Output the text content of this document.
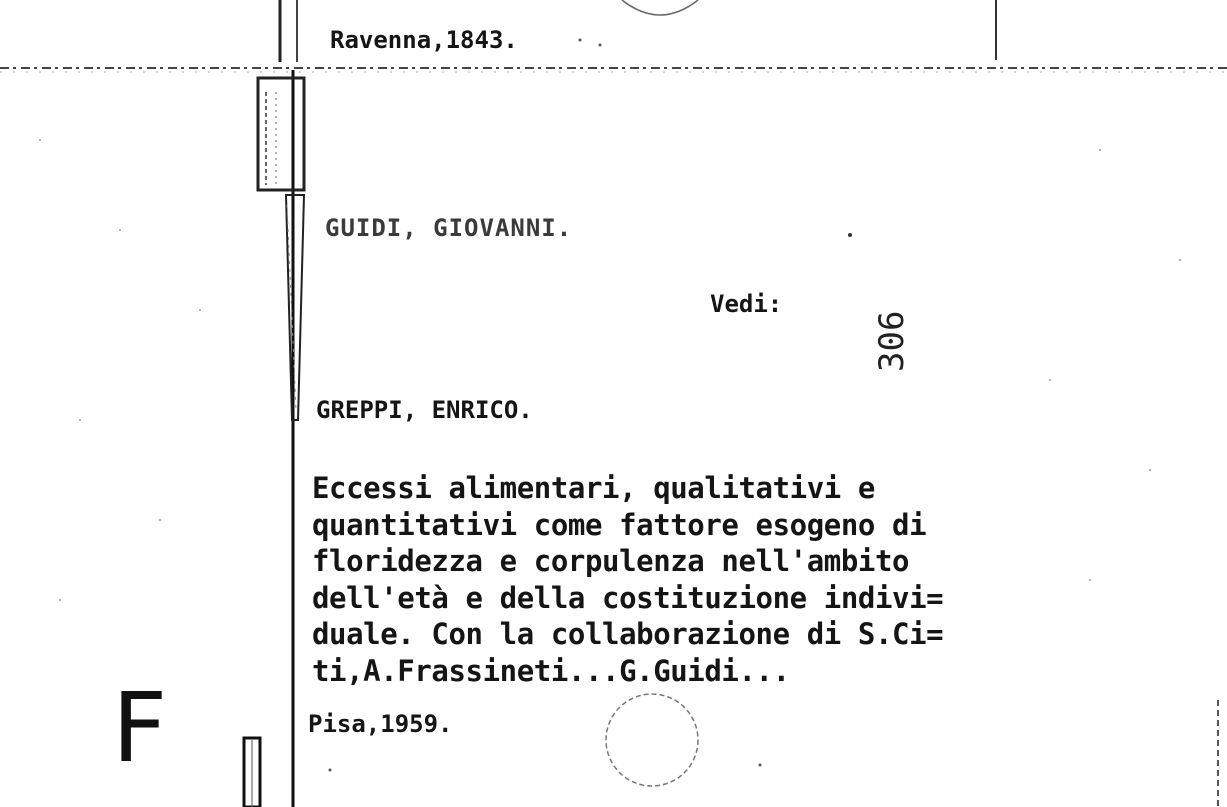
Ravenna,1843.
GUIDI, GIOVANNI.
Vedi:
306
GREPPI, ENRICO.
Eccessi alimentari, qualitativi e
quantitativi come fattore esogeno di
floridezza e corpulenza nell'ambito
dell'età e della costituzione indivi=
duale. Con la collaborazione di S.Ci=
ti,A.Frassineti...G.Guidi...
Pisa,1959.
F
